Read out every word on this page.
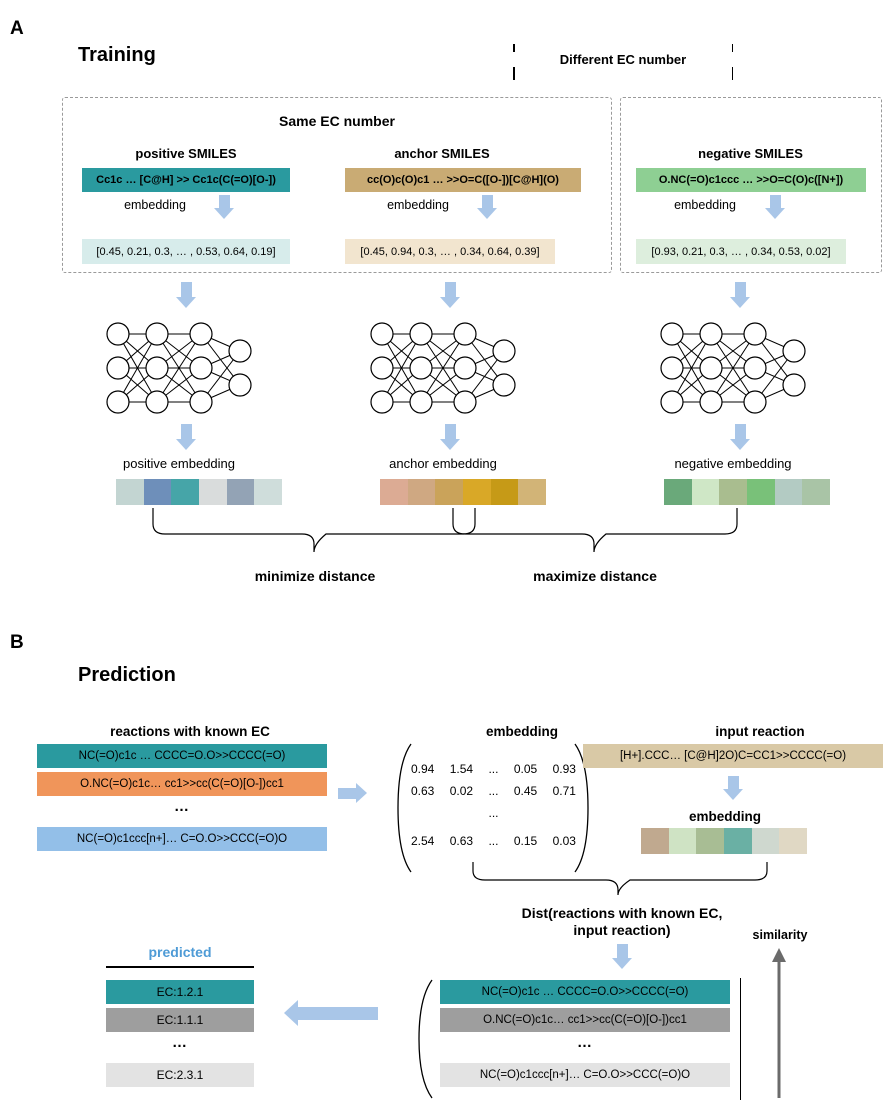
A
Training	Different EC number
Same EC number
positive SMILES	anchor SMILES	negative SMILES
Cc1c … [C@H] >> Cc1c(C(=O)[O-])	cc(O)c(O)c1 … >>O=C([O-])[C@H](O)	O.NC(=O)c1ccc … >>O=C(O)c([N+])
embedding	embedding	embedding
[0.45, 0.21, 0.3, … , 0.53, 0.64, 0.19]	[0.45, 0.94, 0.3, … , 0.34, 0.64, 0.39]	[0.93, 0.21, 0.3, … , 0.34, 0.53, 0.02]
positive embedding	anchor embedding	negative embedding
minimize distance	maximize distance
B
Prediction
reactions with known EC
NC(=O)c1c … CCCC=O.O>>CCCC(=O)
O.NC(=O)c1c… cc1>>cc(C(=O)[O-])cc1
…
NC(=O)c1ccc[n+]… C=O.O>>CCC(=O)O
embedding
0.94 1.54 ... 0.05 0.93
0.63 0.02 ... 0.45 0.71
...
2.54 0.63 ... 0.15 0.03
input reaction
[H+].CCC… [C@H]2O)C=CC1>>CCCC(=O)
embedding
Dist(reactions with known EC,
input reaction)
NC(=O)c1c … CCCC=O.O>>CCCC(=O)
O.NC(=O)c1c… cc1>>cc(C(=O)[O-])cc1
…
NC(=O)c1ccc[n+]… C=O.O>>CCC(=O)O
similarity
predicted
EC:1.2.1
EC:1.1.1
…
EC:2.3.1
